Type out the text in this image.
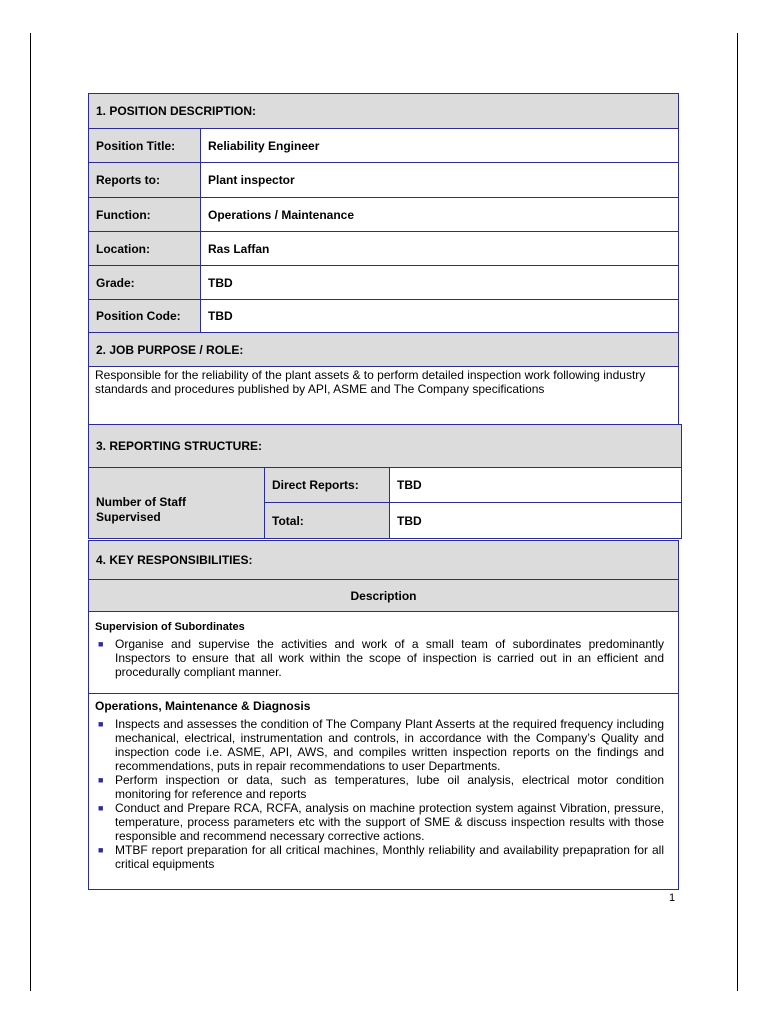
1. POSITION DESCRIPTION:
Position Title:	Reliability Engineer
Reports to:	Plant inspector
Function:	Operations / Maintenance
Location:	Ras Laffan
Grade:	TBD
Position Code:	TBD
2. JOB PURPOSE / ROLE:
Responsible for the reliability of the plant assets & to perform detailed inspection work following industry standards and procedures published by API, ASME and The Company specifications
3. REPORTING STRUCTURE:
Number of Staff Supervised
Direct Reports:	TBD
Total:	TBD
4. KEY RESPONSIBILITIES:
Description
Supervision of Subordinates
■ Organise and supervise the activities and work of a small team of subordinates predominantly Inspectors to ensure that all work within the scope of inspection is carried out in an efficient and procedurally compliant manner.
Operations, Maintenance & Diagnosis
■ Inspects and assesses the condition of The Company Plant Asserts at the required frequency including mechanical, electrical, instrumentation and controls, in accordance with the Company’s Quality and inspection code i.e. ASME, API, AWS, and compiles written inspection reports on the findings and recommendations, puts in repair recommendations to user Departments.
■ Perform inspection or data, such as temperatures, lube oil analysis, electrical motor condition monitoring for reference and reports
■ Conduct and Prepare RCA, RCFA, analysis on machine protection system against Vibration, pressure, temperature, process parameters etc with the support of SME & discuss inspection results with those responsible and recommend necessary corrective actions.
■ MTBF report preparation for all critical machines, Monthly reliability and availability prepapration for all critical equipments
1
